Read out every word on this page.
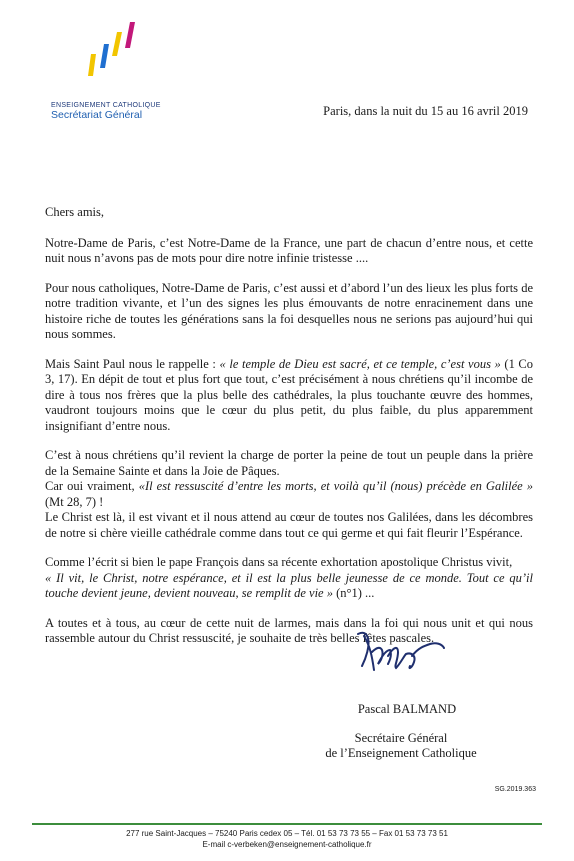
ENSEIGNEMENT CATHOLIQUE
Secrétariat Général	Paris, dans la nuit du 15 au 16 avril 2019

Chers amis,

Notre-Dame de Paris, c’est Notre-Dame de la France, une part de chacun d’entre nous, et cette nuit nous n’avons pas de mots pour dire notre infinie tristesse ....

Pour nous catholiques, Notre-Dame de Paris, c’est aussi et d’abord l’un des lieux les plus forts de notre tradition vivante, et l’un des signes les plus émouvants de notre enracinement dans une histoire riche de toutes les générations sans la foi desquelles nous ne serions pas aujourd’hui qui nous sommes.

Mais Saint Paul nous le rappelle : « le temple de Dieu est sacré, et ce temple, c’est vous » (1 Co 3, 17). En dépit de tout et plus fort que tout, c’est précisément à nous chrétiens qu’il incombe de dire à tous nos frères que la plus belle des cathédrales, la plus touchante œuvre des hommes, vaudront toujours moins que le cœur du plus petit, du plus faible, du plus apparemment insignifiant d’entre nous.

C’est à nous chrétiens qu’il revient la charge de porter la peine de tout un peuple dans la prière de la Semaine Sainte et dans la Joie de Pâques.
Car oui vraiment, «Il est ressuscité d’entre les morts, et voilà qu’il (nous) précède en Galilée » (Mt 28, 7) !
Le Christ est là, il est vivant et il nous attend au cœur de toutes nos Galilées, dans les décombres de notre si chère vieille cathédrale comme dans tout ce qui germe et qui fait fleurir l’Espérance.

Comme l’écrit si bien le pape François dans sa récente exhortation apostolique Christus vivit,
« Il vit, le Christ, notre espérance, et il est la plus belle jeunesse de ce monde. Tout ce qu’il touche devient jeune, devient nouveau, se remplit de vie » (n°1) ...

A toutes et à tous, au cœur de cette nuit de larmes, mais dans la foi qui nous unit et qui nous rassemble autour du Christ ressuscité, je souhaite de très belles fêtes pascales.

Pascal BALMAND
Secrétaire Général
de l’Enseignement Catholique
SG.2019.363
277 rue Saint-Jacques – 75240 Paris cedex 05 – Tél. 01 53 73 73 55 – Fax 01 53 73 73 51
E-mail c-verbeken@enseignement-catholique.fr
